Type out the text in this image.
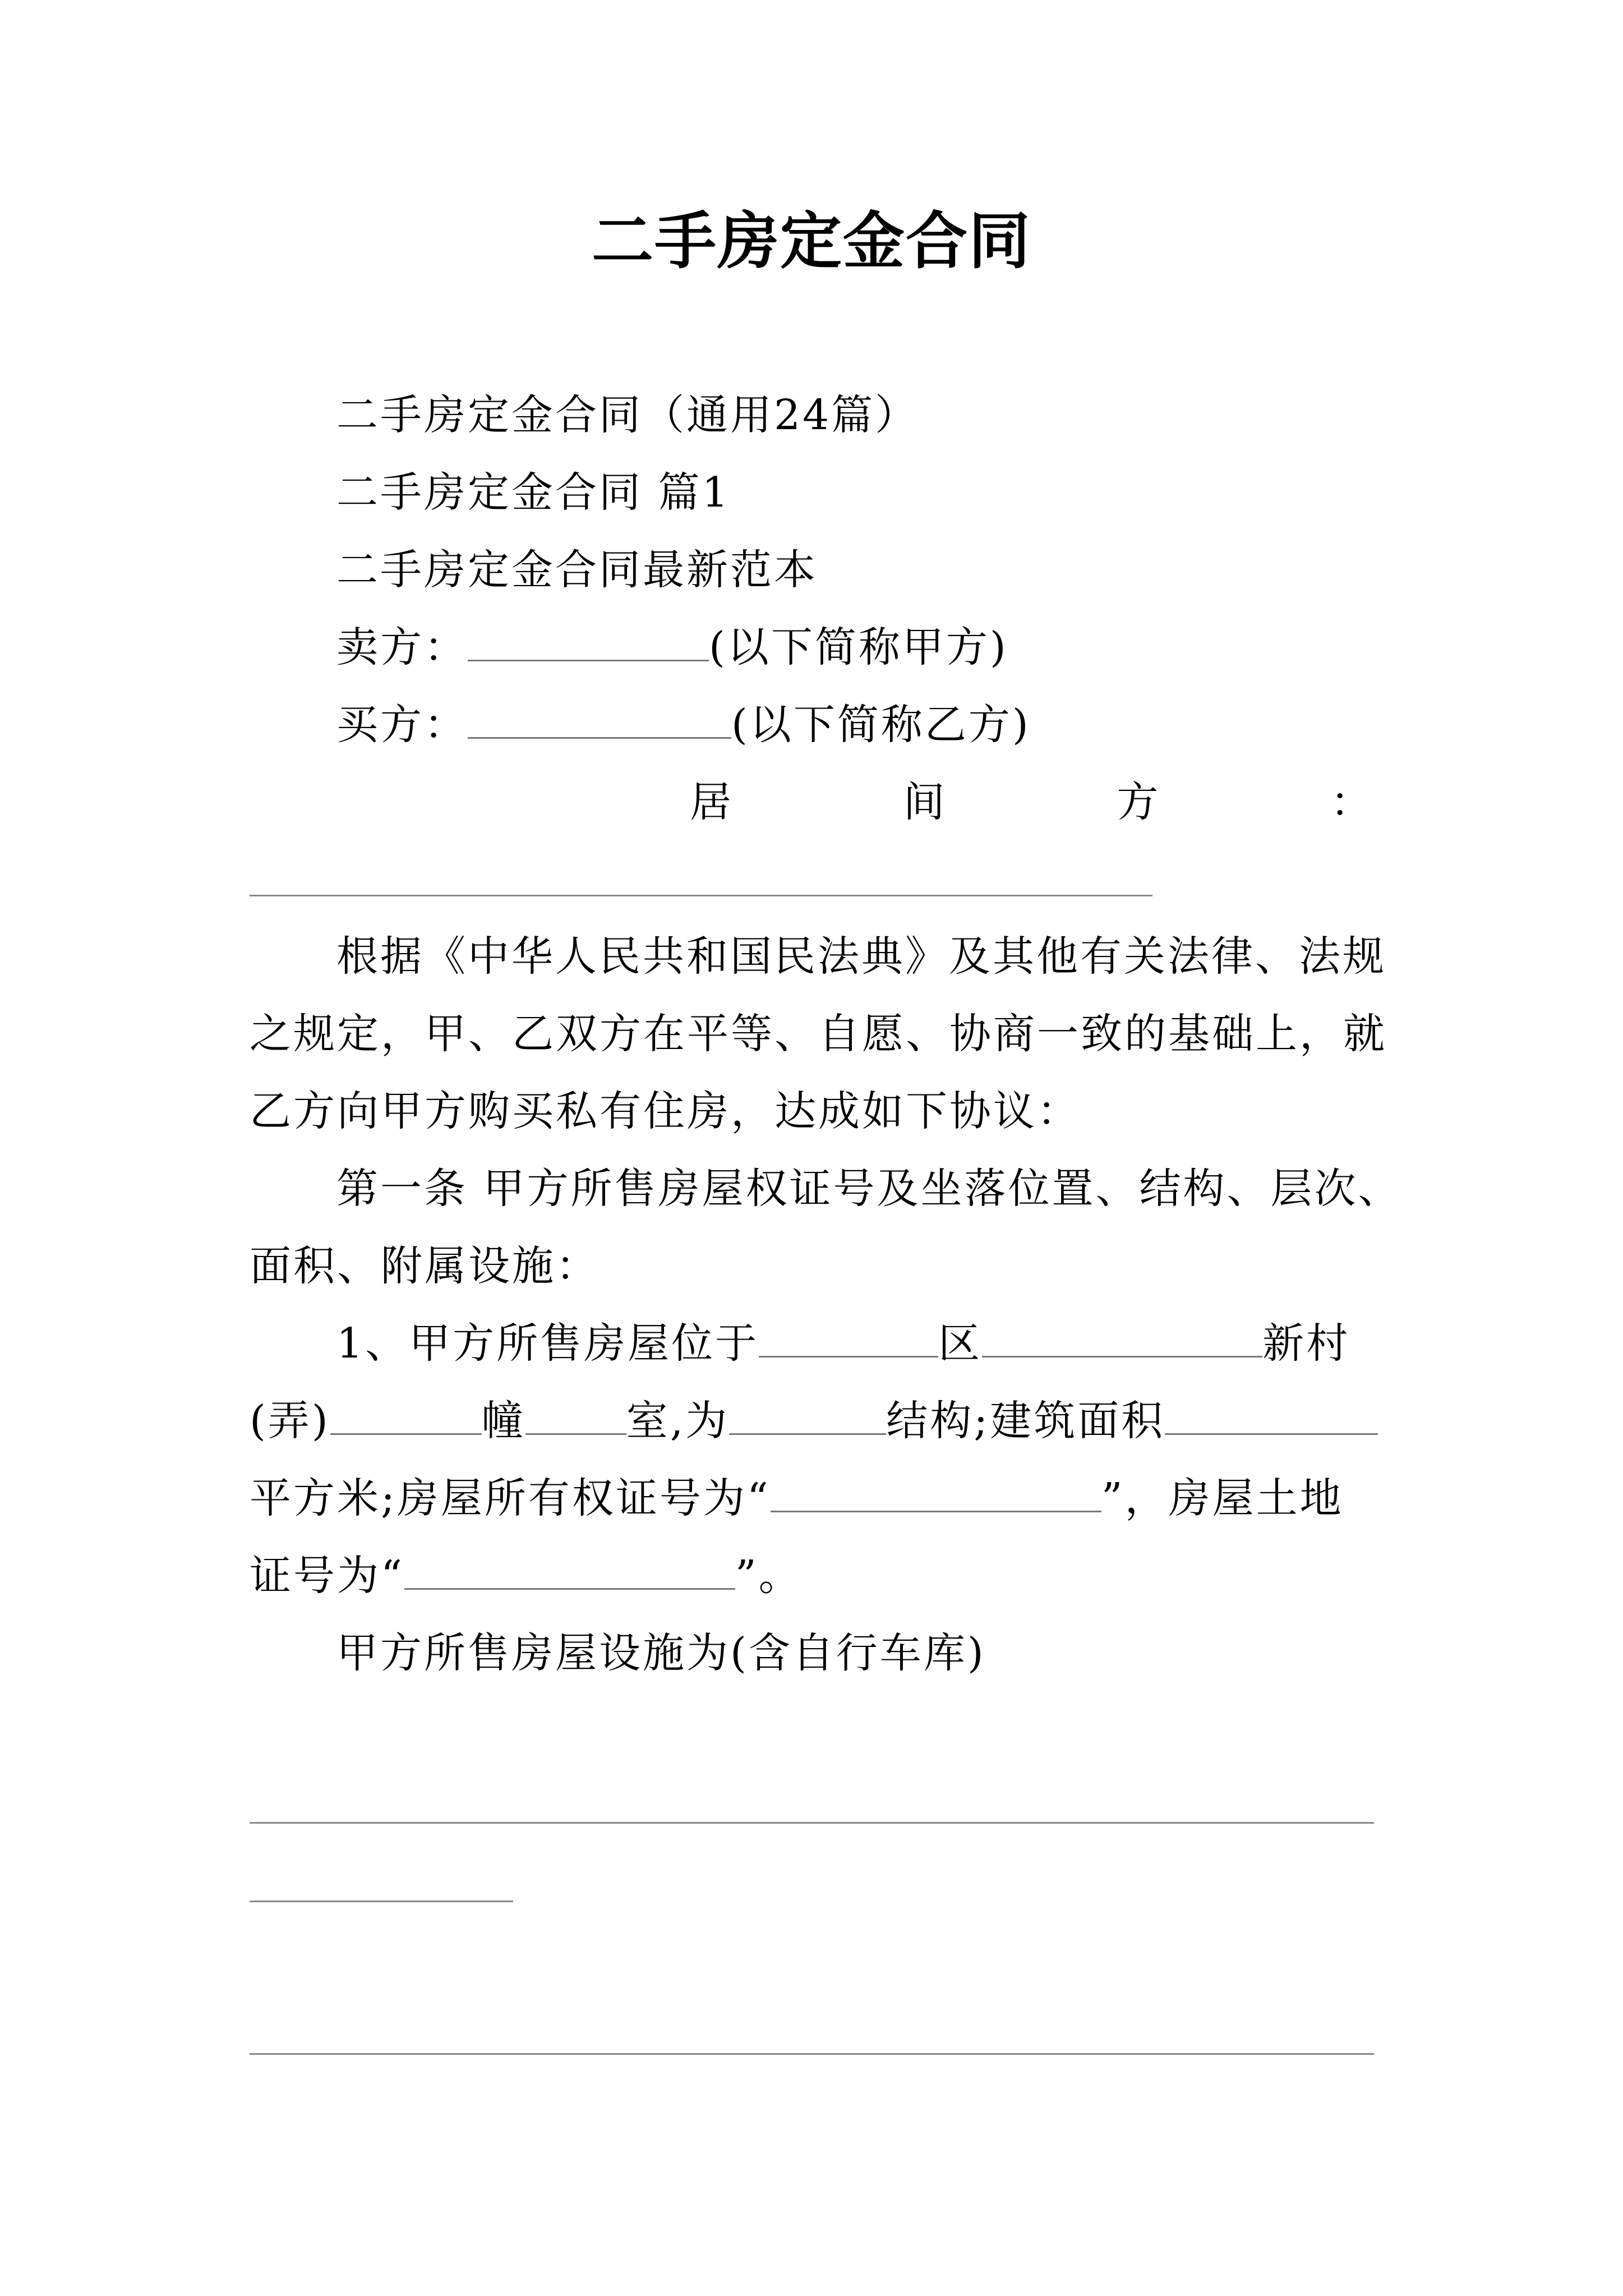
二手房定金合同
二手房定金合同（通用24篇）
二手房定金合同 篇1
二手房定金合同最新范本
卖方：	(以下简称甲方)
买方：	(以下简称乙方)
居	间	方	：
根据《中华人民共和国民法典》及其他有关法律、法规
之规定，甲、乙双方在平等、自愿、协商一致的基础上，就
乙方向甲方购买私有住房，达成如下协议：
第一条 甲方所售房屋权证号及坐落位置、结构、层次、
面积、附属设施：
1、甲方所售房屋位于	区	新村
(弄)	幢 室,为	结构;建筑面积
平方米;房屋所有权证号为“	”，房屋土地
证号为“	”。
甲方所售房屋设施为(含自行车库)
